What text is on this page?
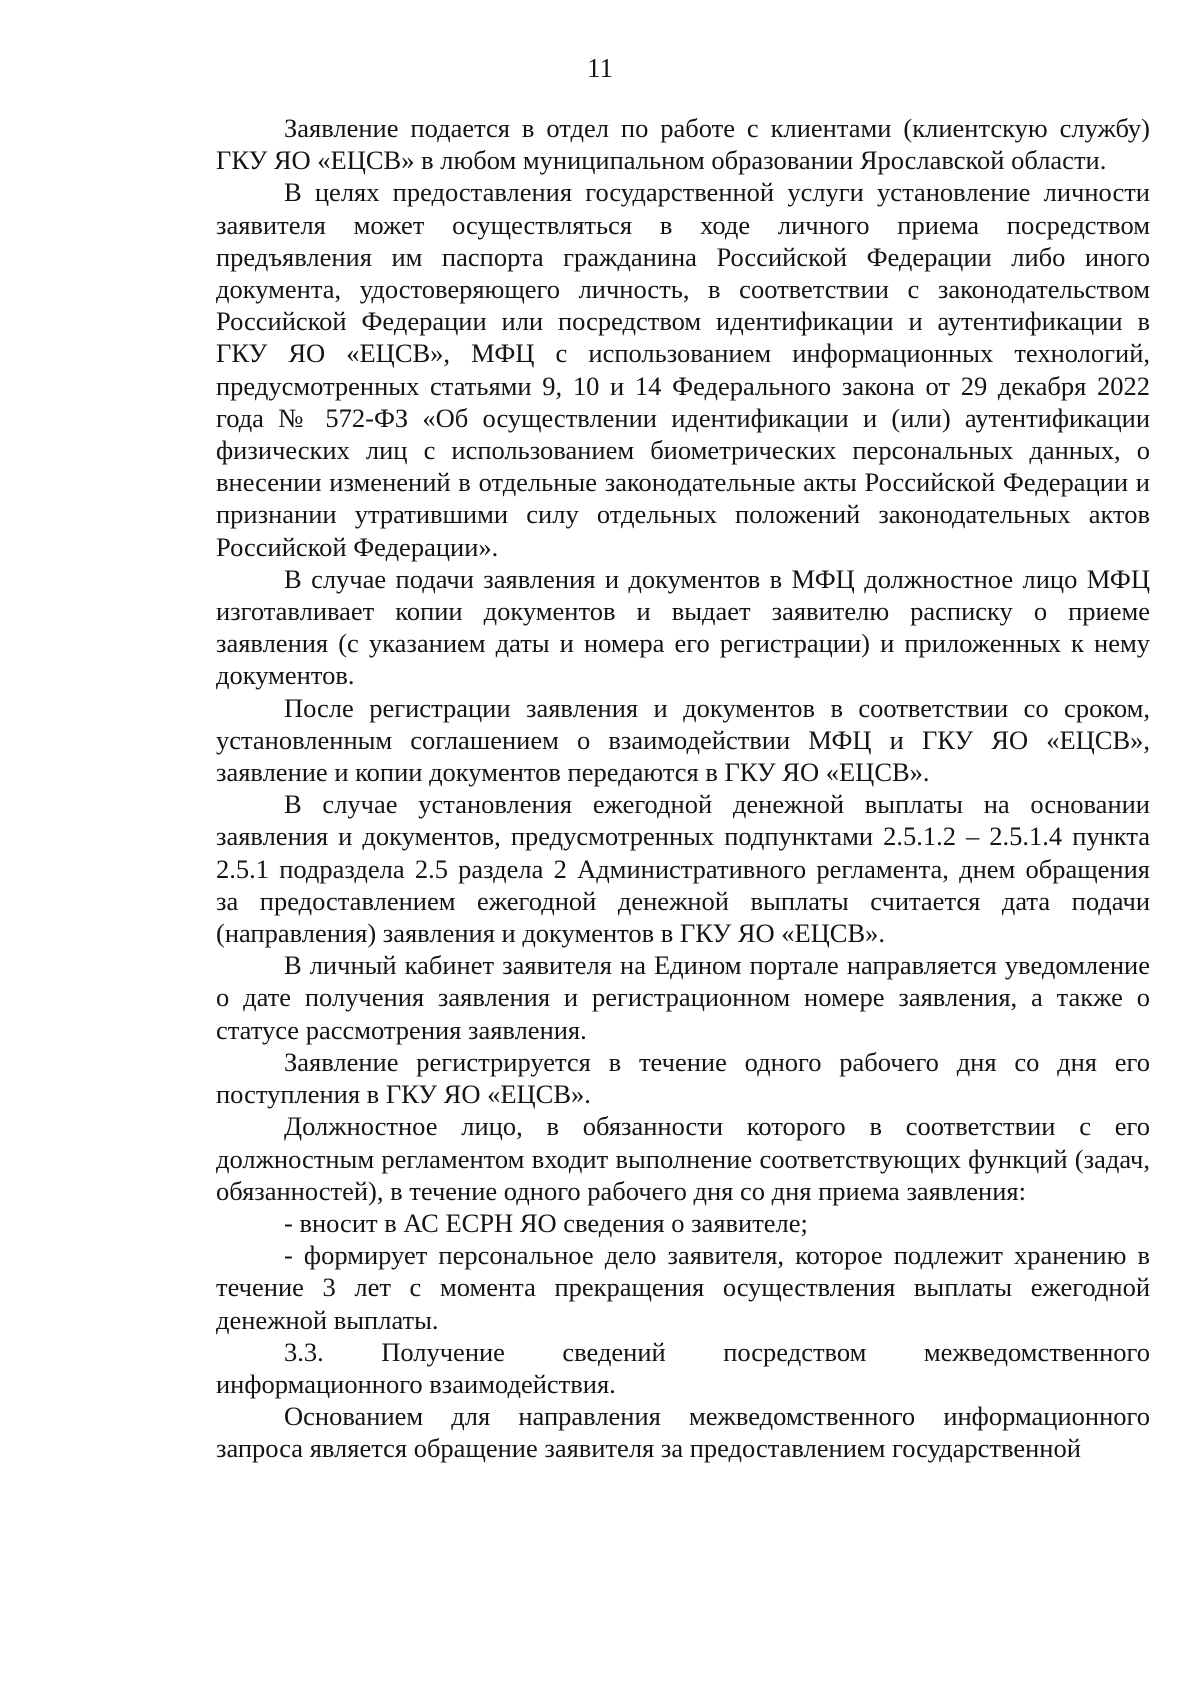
11

Заявление подается в отдел по работе с клиентами (клиентскую службу) ГКУ ЯО «ЕЦСВ» в любом муниципальном образовании Ярославской области.

В целях предоставления государственной услуги установление личности заявителя может осуществляться в ходе личного приема посредством предъявления им паспорта гражданина Российской Федерации либо иного документа, удостоверяющего личность, в соответствии с законодательством Российской Федерации или посредством идентификации и аутентификации в ГКУ ЯО «ЕЦСВ», МФЦ с использованием информационных технологий, предусмотренных статьями 9, 10 и 14 Федерального закона от 29 декабря 2022 года № 572-ФЗ «Об осуществлении идентификации и (или) аутентификации физических лиц с использованием биометрических персональных данных, о внесении изменений в отдельные законодательные акты Российской Федерации и признании утратившими силу отдельных положений законодательных актов Российской Федерации».

В случае подачи заявления и документов в МФЦ должностное лицо МФЦ изготавливает копии документов и выдает заявителю расписку о приеме заявления (с указанием даты и номера его регистрации) и приложенных к нему документов.

После регистрации заявления и документов в соответствии со сроком, установленным соглашением о взаимодействии МФЦ и ГКУ ЯО «ЕЦСВ», заявление и копии документов передаются в ГКУ ЯО «ЕЦСВ».

В случае установления ежегодной денежной выплаты на основании заявления и документов, предусмотренных подпунктами 2.5.1.2 – 2.5.1.4 пункта 2.5.1 подраздела 2.5 раздела 2 Административного регламента, днем обращения за предоставлением ежегодной денежной выплаты считается дата подачи (направления) заявления и документов в ГКУ ЯО «ЕЦСВ».

В личный кабинет заявителя на Едином портале направляется уведомление о дате получения заявления и регистрационном номере заявления, а также о статусе рассмотрения заявления.

Заявление регистрируется в течение одного рабочего дня со дня его поступления в ГКУ ЯО «ЕЦСВ».

Должностное лицо, в обязанности которого в соответствии с его должностным регламентом входит выполнение соответствующих функций (задач, обязанностей), в течение одного рабочего дня со дня приема заявления:

- вносит в АС ЕСРН ЯО сведения о заявителе;

- формирует персональное дело заявителя, которое подлежит хранению в течение 3 лет с момента прекращения осуществления выплаты ежегодной денежной выплаты.

3.3. Получение сведений посредством межведомственного информационного взаимодействия.

Основанием для направления межведомственного информационного запроса является обращение заявителя за предоставлением государственной
